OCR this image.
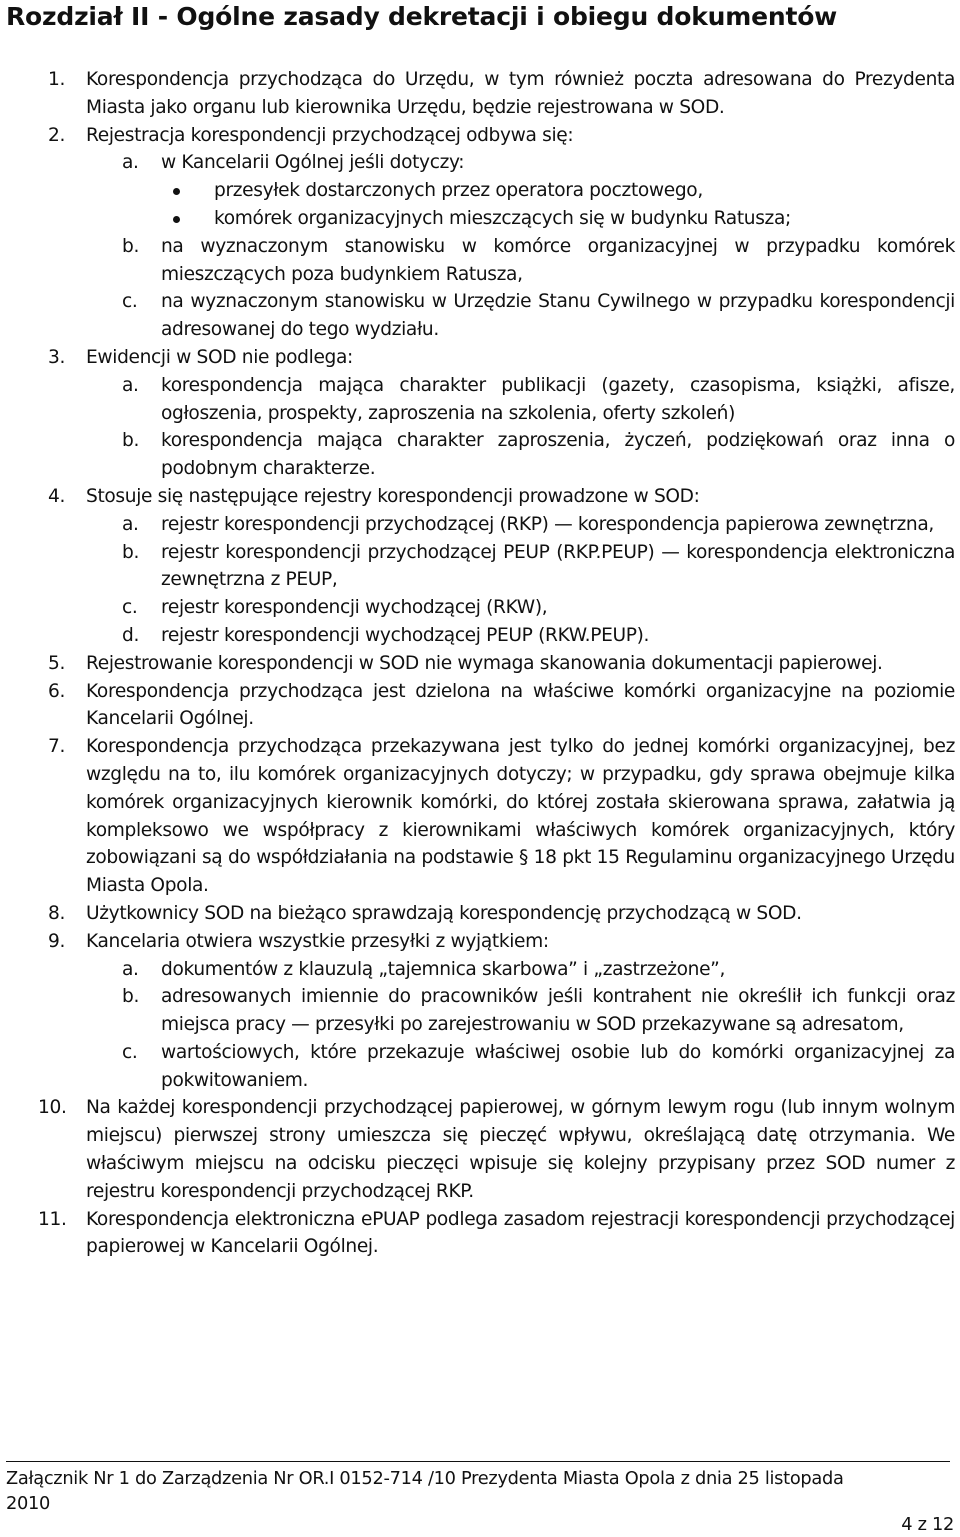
Rozdział II - Ogólne zasady dekretacji i obiegu dokumentów
1. Korespondencja przychodząca do Urzędu, w tym również poczta adresowana do Prezydenta Miasta jako organu lub kierownika Urzędu, będzie rejestrowana w SOD.
2. Rejestracja korespondencji przychodzącej odbywa się:
a. w Kancelarii Ogólnej jeśli dotyczy:
przesyłek dostarczonych przez operatora pocztowego,
komórek organizacyjnych mieszczących się w budynku Ratusza;
b. na wyznaczonym stanowisku w komórce organizacyjnej w przypadku komórek mieszczących poza budynkiem Ratusza,
c. na wyznaczonym stanowisku w Urzędzie Stanu Cywilnego w przypadku korespondencji adresowanej do tego wydziału.
3. Ewidencji w SOD nie podlega:
a. korespondencja mająca charakter publikacji (gazety, czasopisma, książki, afisze, ogłoszenia, prospekty, zaproszenia na szkolenia, oferty szkoleń)
b. korespondencja mająca charakter zaproszenia, życzeń, podziękowań oraz inna o podobnym charakterze.
4. Stosuje się następujące rejestry korespondencji prowadzone w SOD:
a. rejestr korespondencji przychodzącej (RKP) — korespondencja papierowa zewnętrzna,
b. rejestr korespondencji przychodzącej PEUP (RKP.PEUP) — korespondencja elektroniczna zewnętrzna z PEUP,
c. rejestr korespondencji wychodzącej (RKW),
d. rejestr korespondencji wychodzącej PEUP (RKW.PEUP).
5. Rejestrowanie korespondencji w SOD nie wymaga skanowania dokumentacji papierowej.
6. Korespondencja przychodząca jest dzielona na właściwe komórki organizacyjne na poziomie Kancelarii Ogólnej.
7. Korespondencja przychodząca przekazywana jest tylko do jednej komórki organizacyjnej, bez względu na to, ilu komórek organizacyjnych dotyczy; w przypadku, gdy sprawa obejmuje kilka komórek organizacyjnych kierownik komórki, do której została skierowana sprawa, załatwia ją kompleksowo we współpracy z kierownikami właściwych komórek organizacyjnych, który zobowiązani są do współdziałania na podstawie § 18 pkt 15 Regulaminu organizacyjnego Urzędu Miasta Opola.
8. Użytkownicy SOD na bieżąco sprawdzają korespondencję przychodzącą w SOD.
9. Kancelaria otwiera wszystkie przesyłki z wyjątkiem:
a. dokumentów z klauzulą „tajemnica skarbowa” i „zastrzeżone”,
b. adresowanych imiennie do pracowników jeśli kontrahent nie określił ich funkcji oraz miejsca pracy — przesyłki po zarejestrowaniu w SOD przekazywane są adresatom,
c. wartościowych, które przekazuje właściwej osobie lub do komórki organizacyjnej za pokwitowaniem.
10. Na każdej korespondencji przychodzącej papierowej, w górnym lewym rogu (lub innym wolnym miejscu) pierwszej strony umieszcza się pieczęć wpływu, określającą datę otrzymania. We właściwym miejscu na odcisku pieczęci wpisuje się kolejny przypisany przez SOD numer z rejestru korespondencji przychodzącej RKP.
11. Korespondencja elektroniczna ePUAP podlega zasadom rejestracji korespondencji przychodzącej papierowej w Kancelarii Ogólnej.
Załącznik Nr 1 do Zarządzenia Nr OR.I 0152-714 /10 Prezydenta Miasta Opola z dnia 25 listopada 2010
4 z 12
